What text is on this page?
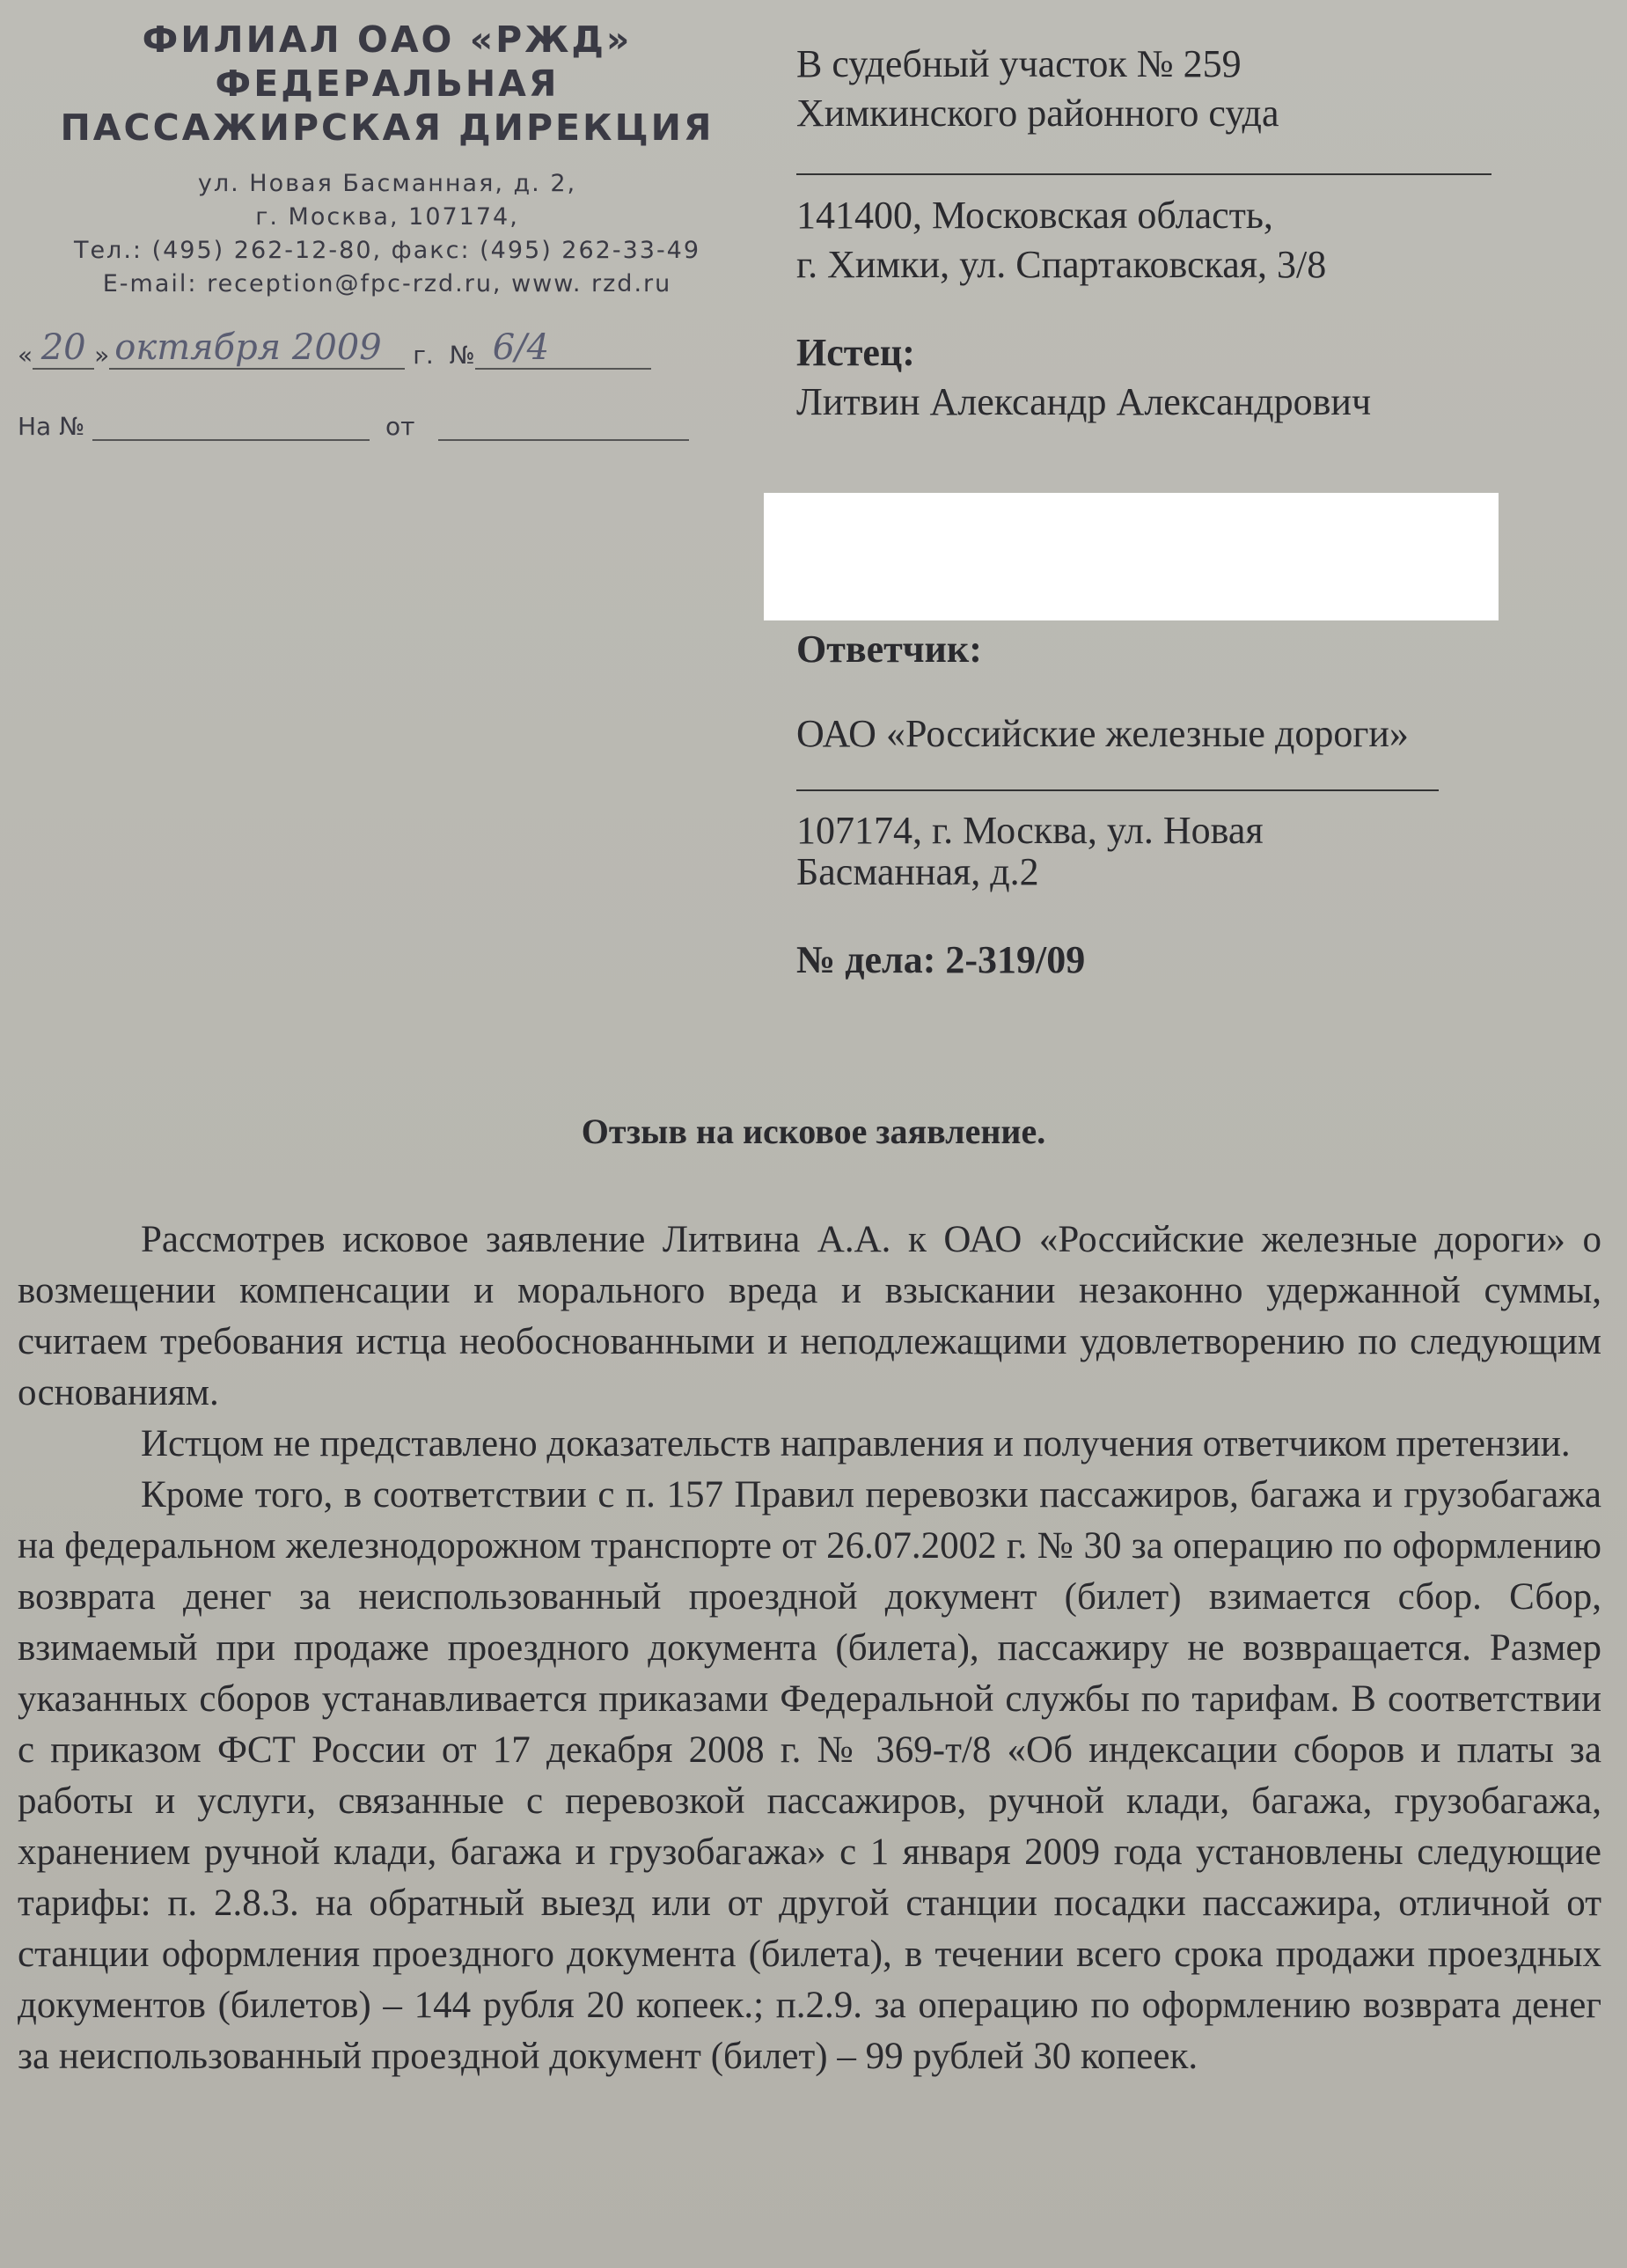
ФИЛИАЛ ОАО «РЖД»

ФЕДЕРАЛЬНАЯ

ПАССАЖИРСКАЯ ДИРЕКЦИЯ

ул. Новая Басманная, д. 2,

г. Москва, 107174,

Тел.: (495) 262-12-80, факс: (495) 262-33-49

E-mail: reception@fpc-rzd.ru, www. rzd.ru

« 20 » октября 2009 г. № 6/4
На №	от

В судебный участок № 259

Химкинского районного суда

141400, Московская область,

г. Химки, ул. Спартаковская, 3/8

Истец:

Литвин Александр Александрович

Ответчик:

ОАО «Российские железные дороги»

107174, г. Москва, ул. Новая

Басманная, д.2

№ дела: 2-319/09

Отзыв на исковое заявление.

Рассмотрев исковое заявление Литвина А.А. к ОАО «Российские железные дороги» о возмещении компенсации и морального вреда и взыскании незаконно удержанной суммы, считаем требования истца необоснованными и неподлежащими удовлетворению по следующим основаниям.

Истцом не представлено доказательств направления и получения ответчиком претензии.

Кроме того, в соответствии с п. 157 Правил перевозки пассажиров, багажа и грузобагажа на федеральном железнодорожном транспорте от 26.07.2002 г. № 30 за операцию по оформлению возврата денег за неиспользованный проездной документ (билет) взимается сбор. Сбор, взимаемый при продаже проездного документа (билета), пассажиру не возвращается. Размер указанных сборов устанавливается приказами Федеральной службы по тарифам. В соответствии с приказом ФСТ России от 17 декабря 2008 г. № 369-т/8 «Об индексации сборов и платы за работы и услуги, связанные с перевозкой пассажиров, ручной клади, багажа, грузобагажа, хранением ручной клади, багажа и грузобагажа» с 1 января 2009 года установлены следующие тарифы: п. 2.8.3. на обратный выезд или от другой станции посадки пассажира, отличной от станции оформления проездного документа (билета), в течении всего срока продажи проездных документов (билетов) – 144 рубля 20 копеек.; п.2.9. за операцию по оформлению возврата денег за неиспользованный проездной документ (билет) – 99 рублей 30 копеек.
